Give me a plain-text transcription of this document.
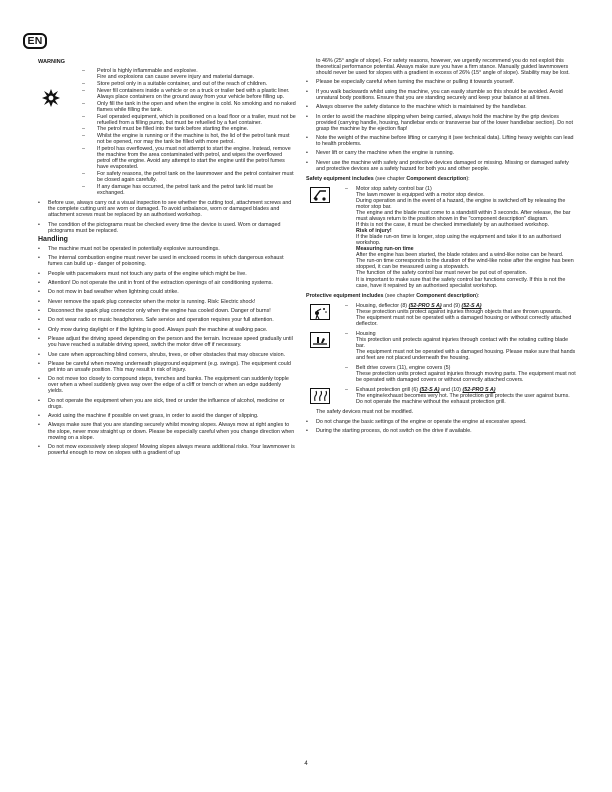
EN
WARNING
– Petrol is highly inflammable and explosive.
Fire and explosions can cause severe injury and material damage.
– Store petrol only in a suitable container, and out of the reach of children.
– Never fill containers inside a vehicle or on a truck or trailer bed with a plastic liner. Always place containers on the ground away from your vehicle before filling up.
– Only fill the tank in the open and when the engine is cold. No smoking and no naked flames while filling the tank.
– Fuel operated equipment, which is positioned on a load floor or a trailer, must not be refuelled from a filling pump, but must be refuelled by a fuel container.
– The petrol must be filled into the tank before starting the engine.
– Whilst the engine is running or if the machine is hot, the lid of the petrol tank must not be opened, nor may the tank be filled with more petrol.
– If petrol has overflowed, you must not attempt to start the engine. Instead, remove the machine from the area contaminated with petrol, and wipes the overflowed petrol off the engine. Avoid any attempt to start the engine until the petrol fumes have evaporated.
– For safety reasons, the petrol tank on the lawnmower and the petrol container must be closed again carefully.
– If any damage has occurred, the petrol tank and the petrol tank lid must be exchanged.
• Before use, always carry out a visual inspection to see whether the cutting tool, attachment screws and the complete cutting unit are worn or damaged. To avoid unbalance, worn or damaged blades and attachment screws must be replaced by an authorised workshop.
• The condition of the pictograms must be checked every time the device is used. Worn or damaged pictograms must be replaced.
Handling
• The machine must not be operated in potentially explosive surroundings.
• The internal combustion engine must never be used in enclosed rooms in which dangerous exhaust fumes can build up - danger of poisoning.
• People with pacemakers must not touch any parts of the engine which might be live.
• Attention! Do not operate the unit in front of the extraction openings of air conditioning systems.
• Do not mow in bad weather when lightning could strike.
• Never remove the spark plug connector when the motor is running. Risk: Electric shock!
• Disconnect the spark plug connector only when the engine has cooled down. Danger of burns!
• Do not wear radio or music headphones. Safe service and operation requires your full attention.
• Only mow during daylight or if the lighting is good. Always push the machine at walking pace.
• Please adjust the driving speed depending on the person and the terrain. Increase speed gradually until you have reached a suitable driving speed, switch the motor drive off if necessary.
• Use care when approaching blind corners, shrubs, trees, or other obstacles that may obscure vision.
• Please be careful when mowing underneath playground equipment (e.g. swings). The equipment could get into an unsafe position. This may result in risk of injury.
• Do not move too closely to compound steps, trenches and banks. The equipment can suddenly topple over when a wheel suddenly gives way over the edge of a cliff or trench or when an edge suddenly yields.
• Do not operate the equipment when you are sick, tired or under the influence of alcohol, medicine or drugs.
• Avoid using the machine if possible on wet grass, in order to avoid the danger of slipping.
• Always make sure that you are standing securely whilst mowing slopes. Always mow at right angles to the slope, never mow straight up or down. Please be especially careful when you change direction when mowing on a slope.
• Do not mow excessively steep slopes! Mowing slopes always means additional risks. Your lawnmower is powerful enough to mow on slopes with a gradient of up
to 46% (25° angle of slope). For safety reasons, however, we urgently recommend you do not exploit this theoretical performance potential. Always make sure you have a firm stance. Manually guided lawnmowers should never be used for slopes with a gradient in excess of 26% (15° angle of slope). Stability may be lost.
• Please be especially careful when turning the machine or pulling it towards yourself.
• If you walk backwards whilst using the machine, you can easily stumble so this should be avoided. Avoid unnatural body positions. Ensure that you are standing securely and keep your balance at all times.
• Always observe the safety distance to the machine which is maintained by the handlebar.
• In order to avoid the machine slipping when being carried, always hold the machine by the grip devices provided (carrying handle, housing, handlebar ends or transverse bar of the lower handlebar section). Do not grasp the machine by the ejection flap!
• Note the weight of the machine before lifting or carrying it (see technical data). Lifting heavy weights can lead to health problems.
• Never lift or carry the machine when the engine is running.
• Never use the machine with safety and protective devices damaged or missing. Missing or damaged safety and protective devices are a safety hazard for both you and other people.
Safety equipment includes (see chapter Component description):
– Motor stop safety control bar (1)
The lawn mower is equipped with a motor stop device.
During operation and in the event of a hazard, the engine is switched off by releasing the motor stop bar.
The engine and the blade must come to a standstill within 3 seconds. After release, the bar must always return to the position shown in the "component description" diagram.
If this is not the case, it must be checked immediately by an authorised workshop.
Risk of injury!
If the blade run-on time is longer, stop using the equipment and take it to an authorised workshop.
Measuring run-on time
After the engine has been started, the blade rotates and a wind-like noise can be heard.
The run-on time corresponds to the duration of the wind-like noise after the engine has been stopped, it can be measured using a stopwatch.
The function of the safety control bar must never be put out of operation.
It is important to make sure that the safety control bar functions correctly. If this is not the case, have it repaired by an authorised specialist workshop.
Protective equipment includes (see chapter Component description):
– Housing, deflector (8) (52-PRO S A) and (9) (52-S A)
These protection units protect against injuries through objects that are thrown upwards.
The equipment must not be operated with a damaged housing or without correctly attached deflector.
– Housing
This protection unit protects against injuries through contact with the rotating cutting blade bar.
The equipment must not be operated with a damaged housing. Please make sure that hands and feet are not placed underneath the housing.
– Belt drive covers (11), engine covers (5)
These protection units protect against injuries through moving parts. The equipment must not be operated with damaged covers or without correctly attached covers.
– Exhaust protection grill (6) (52-S A) and (10) (52-PRO S A)
The engine/exhaust becomes very hot. The protection grill protects the user against burns.
Do not operate the machine without the exhaust protection grill.
The safety devices must not be modified.
• Do not change the basic settings of the engine or operate the engine at excessive speed.
• During the starting process, do not switch on the drive if available.
4
